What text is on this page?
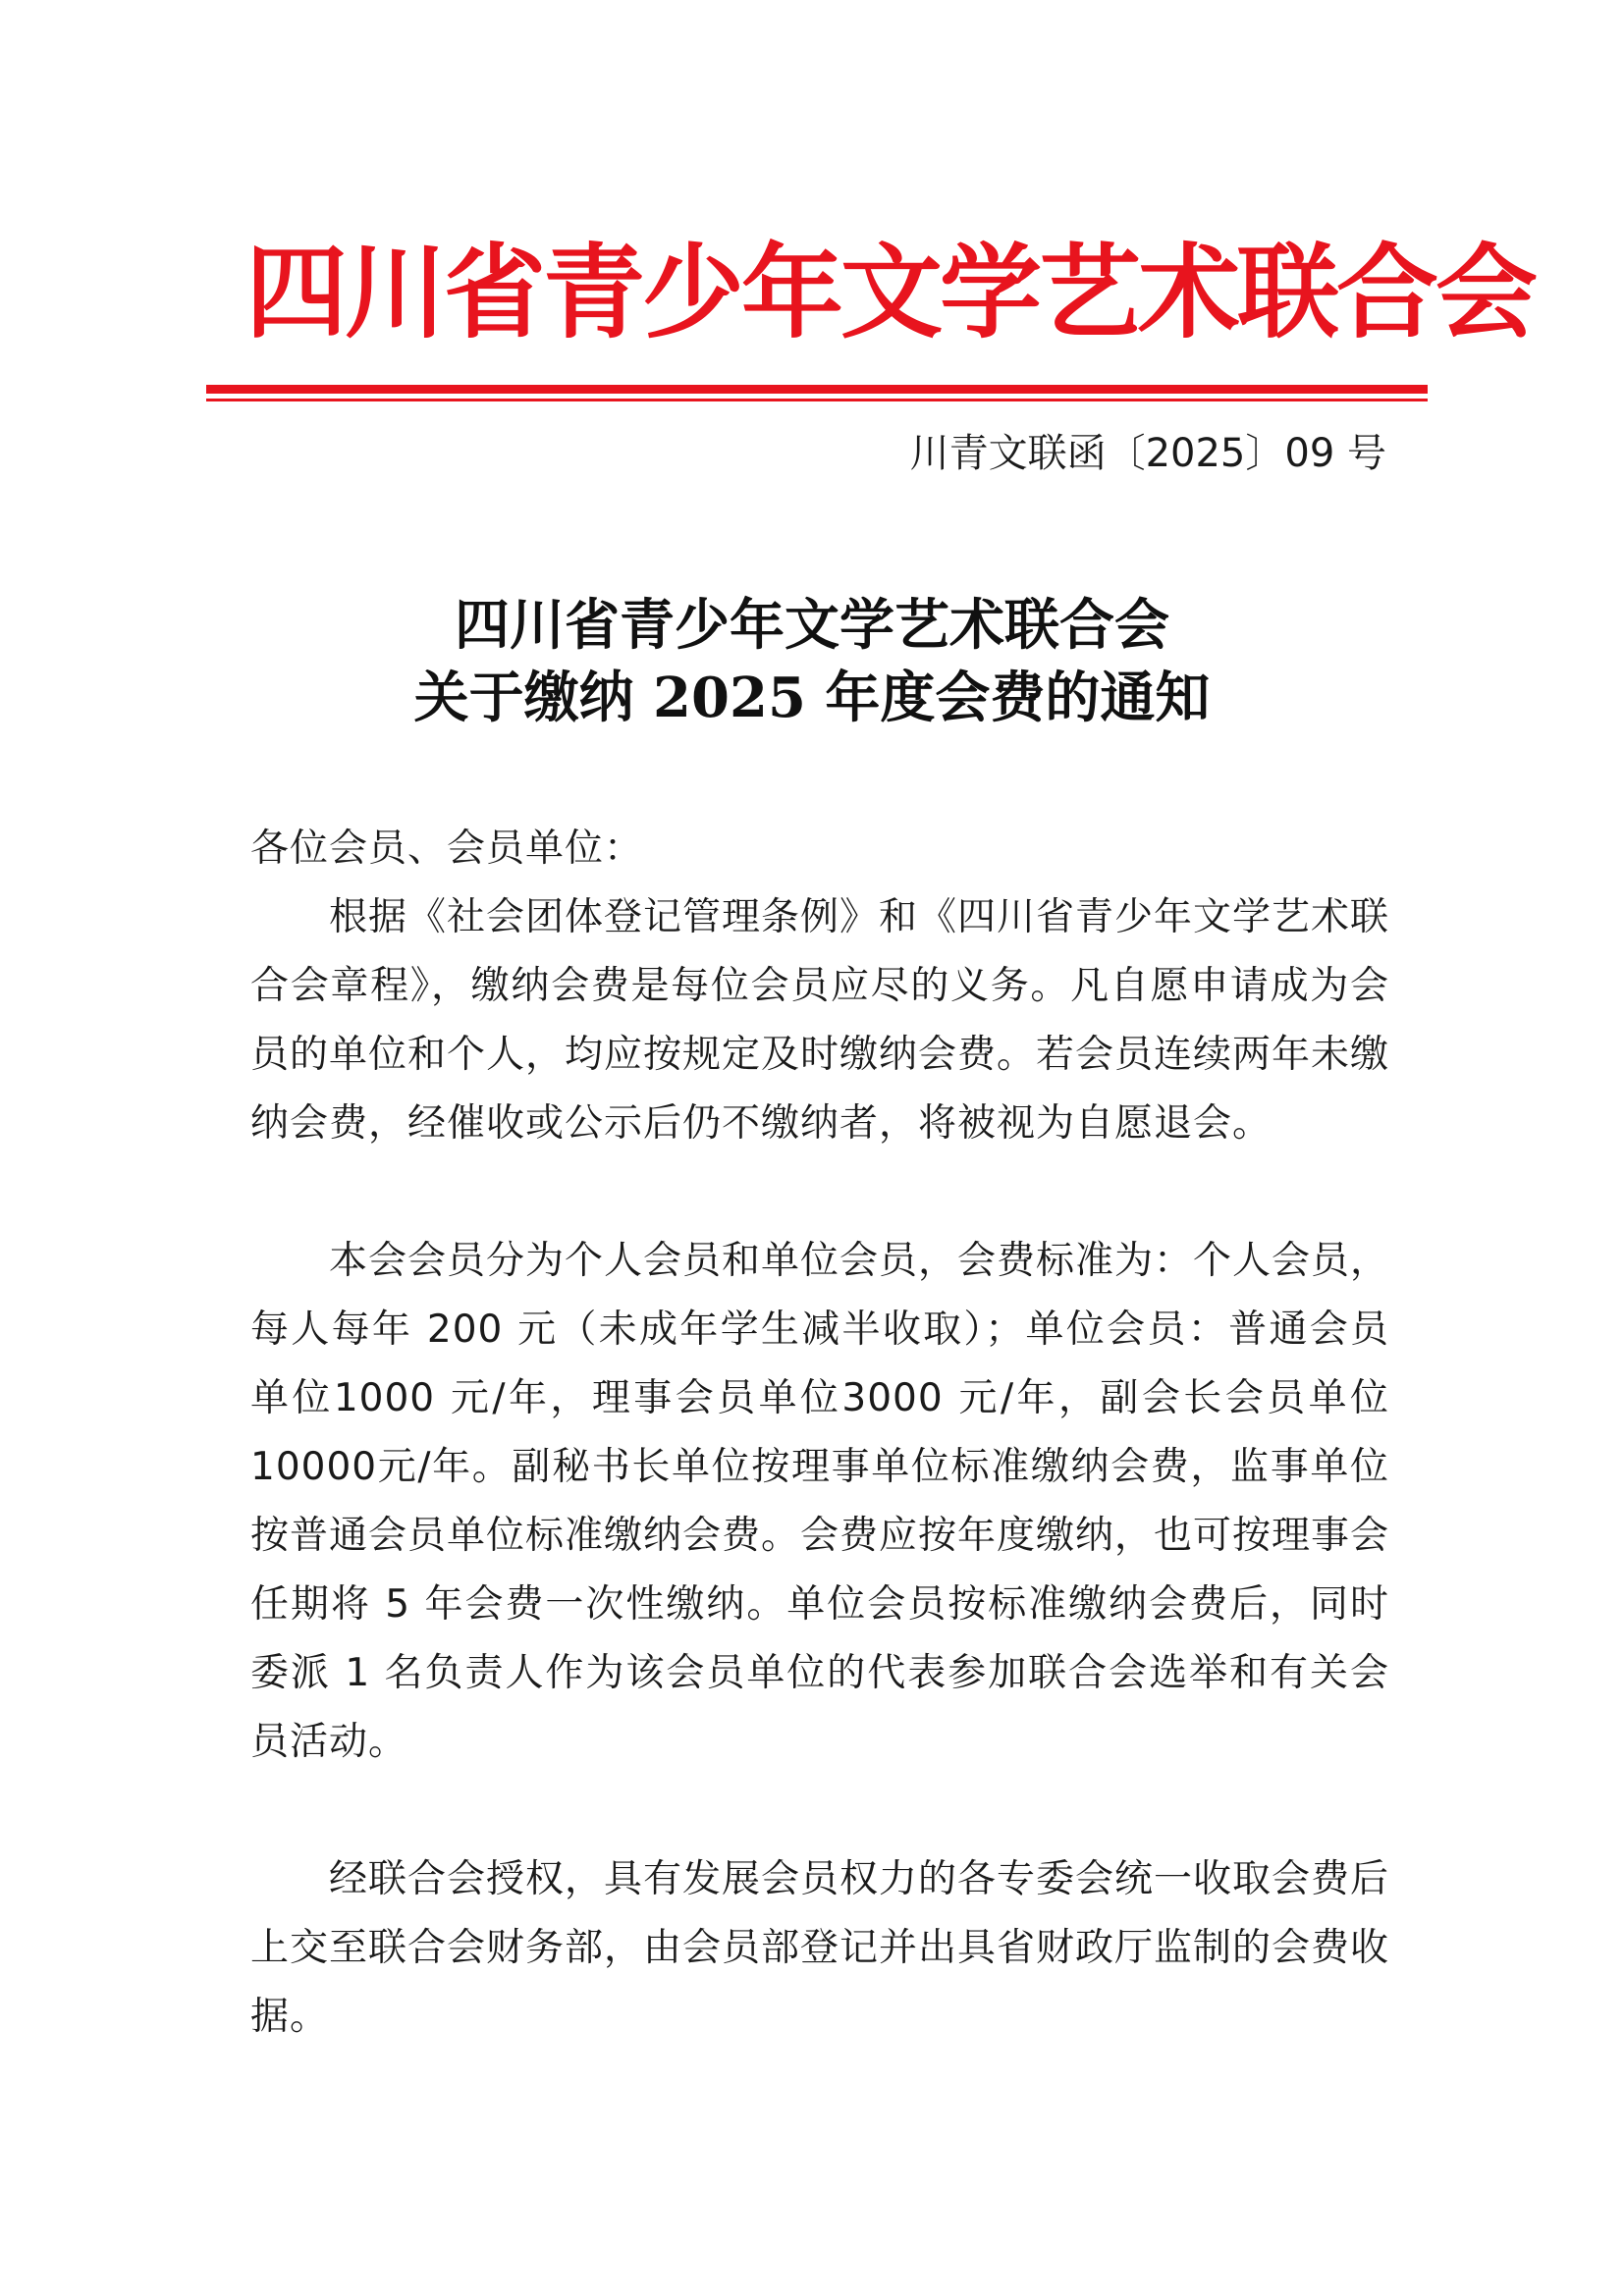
四川省青少年文学艺术联合会
川青文联函〔2025〕09 号
四川省青少年文学艺术联合会
关于缴纳 2025 年度会费的通知

各位会员、会员单位：

根据《社会团体登记管理条例》和《四川省青少年文学艺术联合会章程》，缴纳会费是每位会员应尽的义务。凡自愿申请成为会员的单位和个人，均应按规定及时缴纳会费。若会员连续两年未缴纳会费，经催收或公示后仍不缴纳者，将被视为自愿退会。

本会会员分为个人会员和单位会员，会费标准为：个人会员，每人每年 200 元（未成年学生减半收取）；单位会员：普通会员单位1000 元/年，理事会员单位3000 元/年，副会长会员单位10000元/年。副秘书长单位按理事单位标准缴纳会费，监事单位按普通会员单位标准缴纳会费。会费应按年度缴纳，也可按理事会任期将 5 年会费一次性缴纳。单位会员按标准缴纳会费后，同时委派 1 名负责人作为该会员单位的代表参加联合会选举和有关会员活动。

经联合会授权，具有发展会员权力的各专委会统一收取会费后上交至联合会财务部，由会员部登记并出具省财政厅监制的会费收据。
